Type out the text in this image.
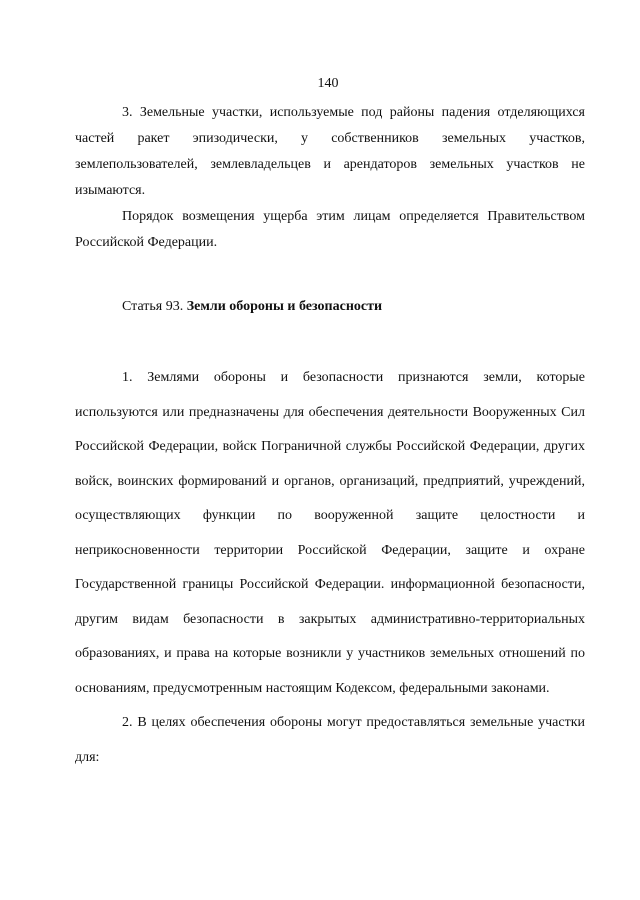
140

3. Земельные участки, используемые под районы падения отделяющихся частей ракет эпизодически, у собственников земельных участков, землепользователей, землевладельцев и арендаторов земельных участков не изымаются.

Порядок возмещения ущерба этим лицам определяется Правительством Российской Федерации.

Статья 93. Земли обороны и безопасности

1. Землями обороны и безопасности признаются земли, которые используются или предназначены для обеспечения деятельности Вооруженных Сил Российской Федерации, войск Пограничной службы Российской Федерации, других войск, воинских формирований и органов, организаций, предприятий, учреждений, осуществляющих функции по вооруженной защите целостности и неприкосновенности территории Российской Федерации, защите и охране Государственной границы Российской Федерации. информационной безопасности, другим видам безопасности в закрытых административно-территориальных образованиях, и права на которые возникли у участников земельных отношений по основаниям, предусмотренным настоящим Кодексом, федеральными законами.

2. В целях обеспечения обороны могут предоставляться земельные участки для:
